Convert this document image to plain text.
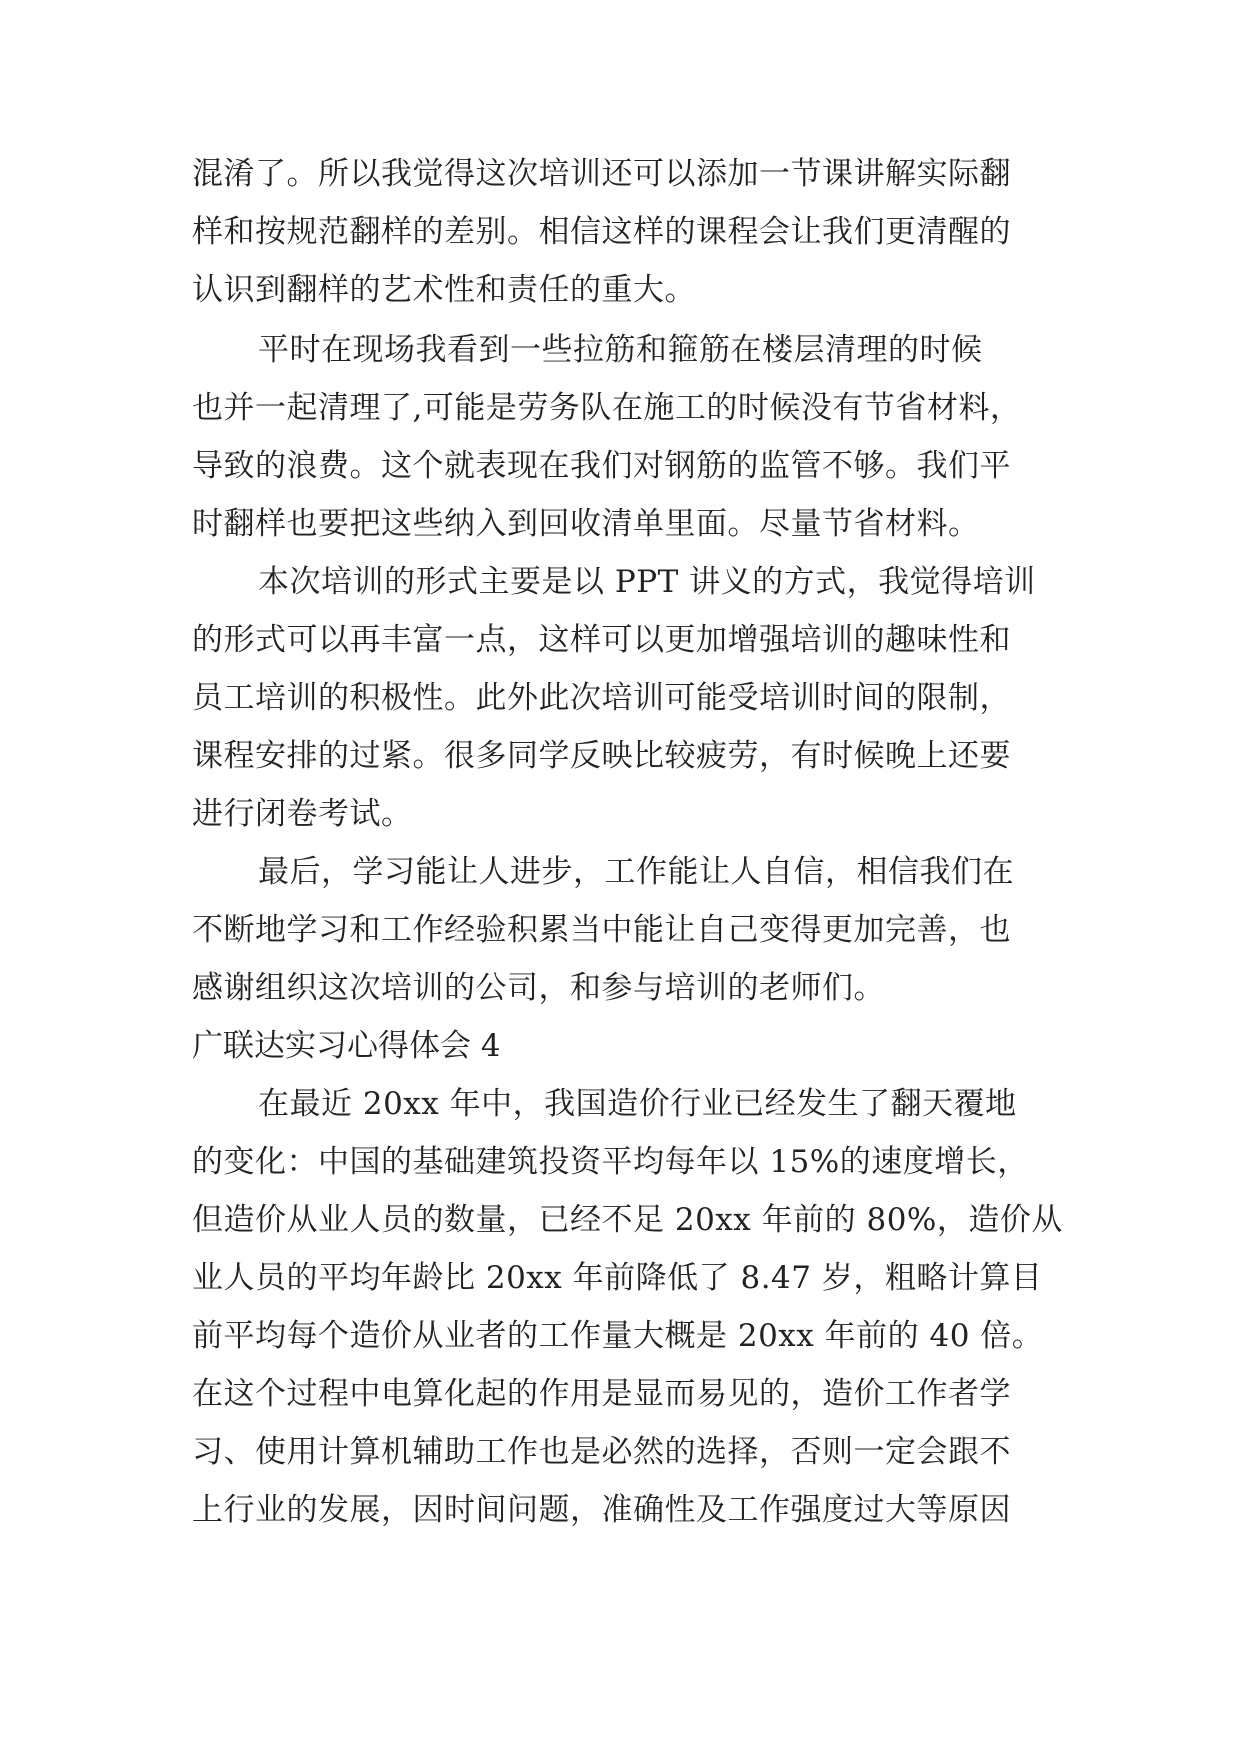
混淆了。所以我觉得这次培训还可以添加一节课讲解实际翻
样和按规范翻样的差别。相信这样的课程会让我们更清醒的
认识到翻样的艺术性和责任的重大。
平时在现场我看到一些拉筋和箍筋在楼层清理的时候
也并一起清理了,可能是劳务队在施工的时候没有节省材料，
导致的浪费。这个就表现在我们对钢筋的监管不够。我们平
时翻样也要把这些纳入到回收清单里面。尽量节省材料。
本次培训的形式主要是以 PPT 讲义的方式，我觉得培训
的形式可以再丰富一点，这样可以更加增强培训的趣味性和
员工培训的积极性。此外此次培训可能受培训时间的限制，
课程安排的过紧。很多同学反映比较疲劳，有时候晚上还要
进行闭卷考试。
最后，学习能让人进步，工作能让人自信，相信我们在
不断地学习和工作经验积累当中能让自己变得更加完善，也
感谢组织这次培训的公司，和参与培训的老师们。
广联达实习心得体会 4
在最近 20xx 年中，我国造价行业已经发生了翻天覆地
的变化：中国的基础建筑投资平均每年以 15%的速度增长，
但造价从业人员的数量，已经不足 20xx 年前的 80%，造价从
业人员的平均年龄比 20xx 年前降低了 8.47 岁，粗略计算目
前平均每个造价从业者的工作量大概是 20xx 年前的 40 倍。
在这个过程中电算化起的作用是显而易见的，造价工作者学
习、使用计算机辅助工作也是必然的选择，否则一定会跟不
上行业的发展，因时间问题，准确性及工作强度过大等原因
